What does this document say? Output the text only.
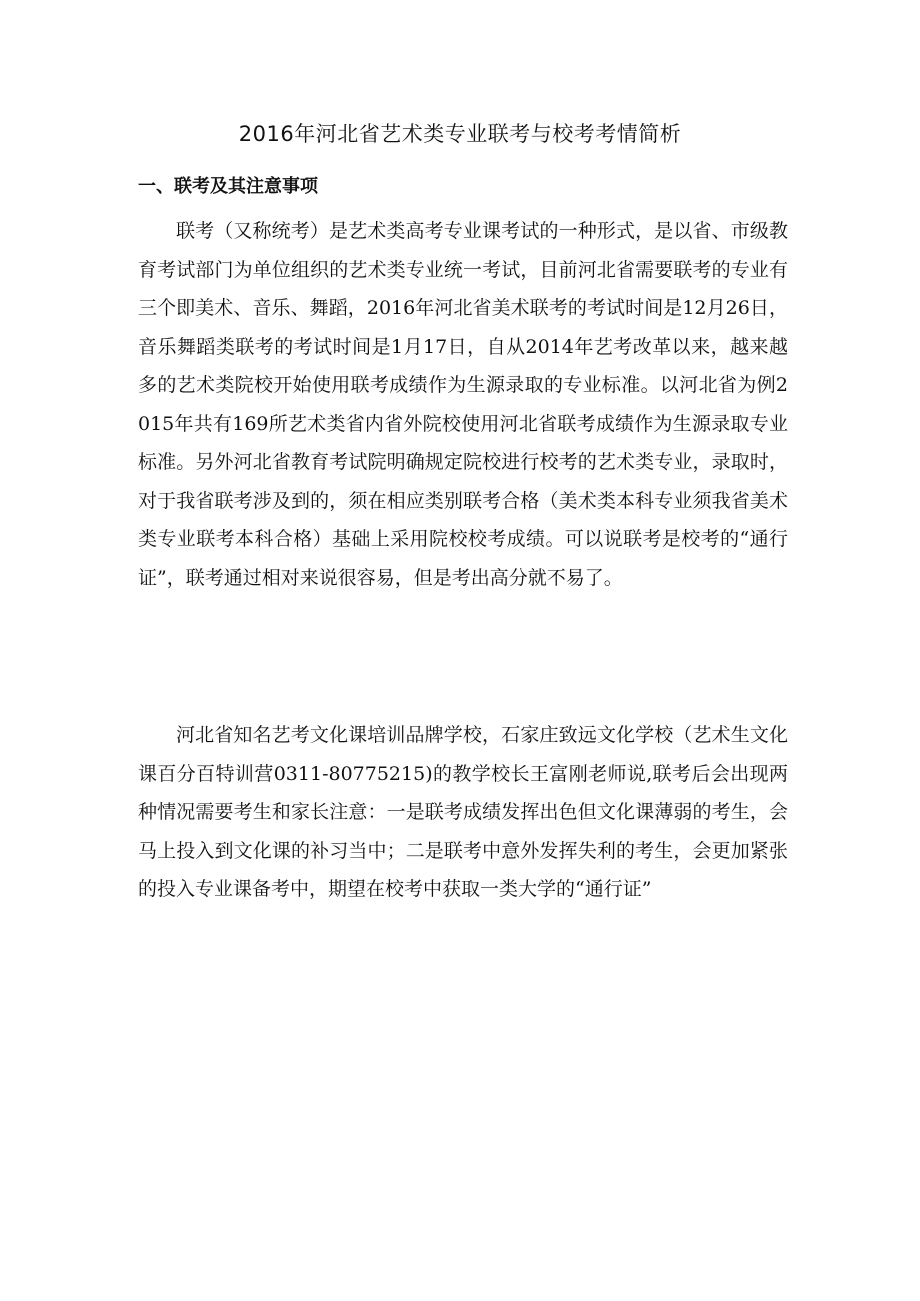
2016年河北省艺术类专业联考与校考考情简析
一、联考及其注意事项

联考（又称统考）是艺术类高考专业课考试的一种形式，是以省、市级教育考试部门为单位组织的艺术类专业统一考试，目前河北省需要联考的专业有三个即美术、音乐、舞蹈，2016年河北省美术联考的考试时间是12月26日，音乐舞蹈类联考的考试时间是1月17日，自从2014年艺考改革以来，越来越多的艺术类院校开始使用联考成绩作为生源录取的专业标准。以河北省为例2015年共有169所艺术类省内省外院校使用河北省联考成绩作为生源录取专业标准。另外河北省教育考试院明确规定院校进行校考的艺术类专业，录取时，对于我省联考涉及到的，须在相应类别联考合格（美术类本科专业须我省美术类专业联考本科合格）基础上采用院校校考成绩。可以说联考是校考的“通行证”，联考通过相对来说很容易，但是考出高分就不易了。

河北省知名艺考文化课培训品牌学校，石家庄致远文化学校（艺术生文化课百分百特训营0311-80775215)的教学校长王富刚老师说,联考后会出现两种情况需要考生和家长注意：一是联考成绩发挥出色但文化课薄弱的考生，会马上投入到文化课的补习当中；二是联考中意外发挥失利的考生，会更加紧张的投入专业课备考中，期望在校考中获取一类大学的“通行证”
